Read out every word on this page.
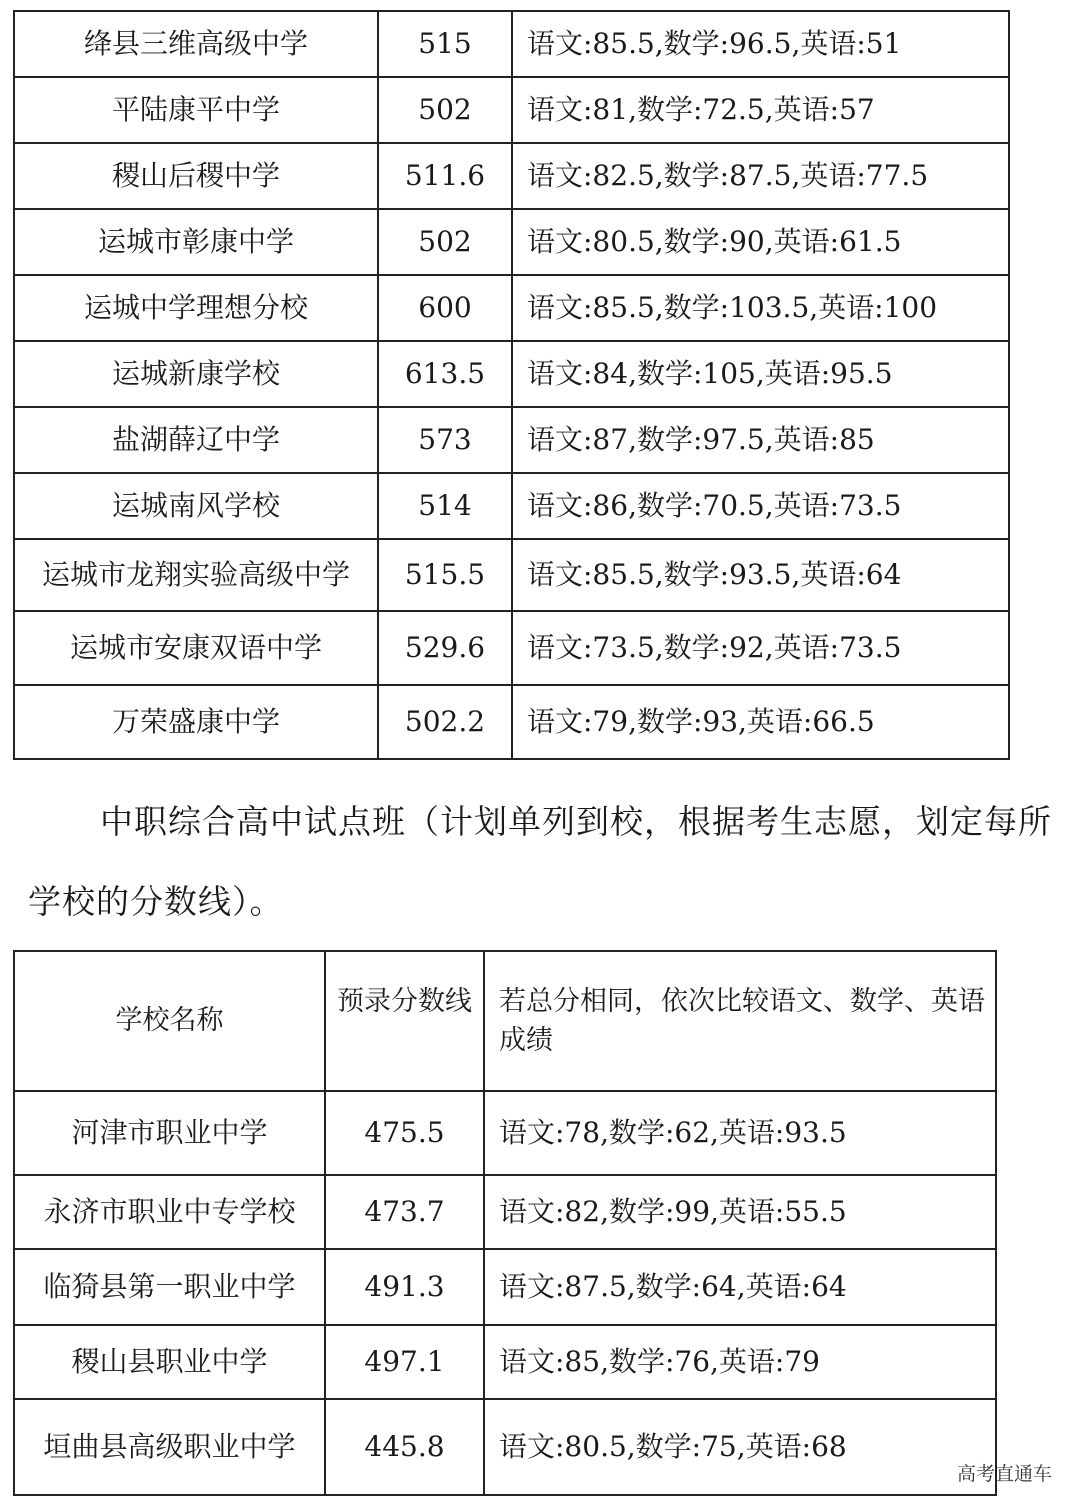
绛县三维高级中学	515	语文:85.5,数学:96.5,英语:51
平陆康平中学	502	语文:81,数学:72.5,英语:57
稷山后稷中学	511.6	语文:82.5,数学:87.5,英语:77.5
运城市彰康中学	502	语文:80.5,数学:90,英语:61.5
运城中学理想分校	600	语文:85.5,数学:103.5,英语:100
运城新康学校	613.5	语文:84,数学:105,英语:95.5
盐湖薛辽中学	573	语文:87,数学:97.5,英语:85
运城南风学校	514	语文:86,数学:70.5,英语:73.5
运城市龙翔实验高级中学	515.5	语文:85.5,数学:93.5,英语:64
运城市安康双语中学	529.6	语文:73.5,数学:92,英语:73.5
万荣盛康中学	502.2	语文:79,数学:93,英语:66.5

中职综合高中试点班（计划单列到校，根据考生志愿，划定每所学校的分数线）。

学校名称	预录分数线	若总分相同，依次比较语文、数学、英语成绩
河津市职业中学	475.5	语文:78,数学:62,英语:93.5
永济市职业中专学校	473.7	语文:82,数学:99,英语:55.5
临猗县第一职业中学	491.3	语文:87.5,数学:64,英语:64
稷山县职业中学	497.1	语文:85,数学:76,英语:79
垣曲县高级职业中学	445.8	语文:80.5,数学:75,英语:68
高考直通车
